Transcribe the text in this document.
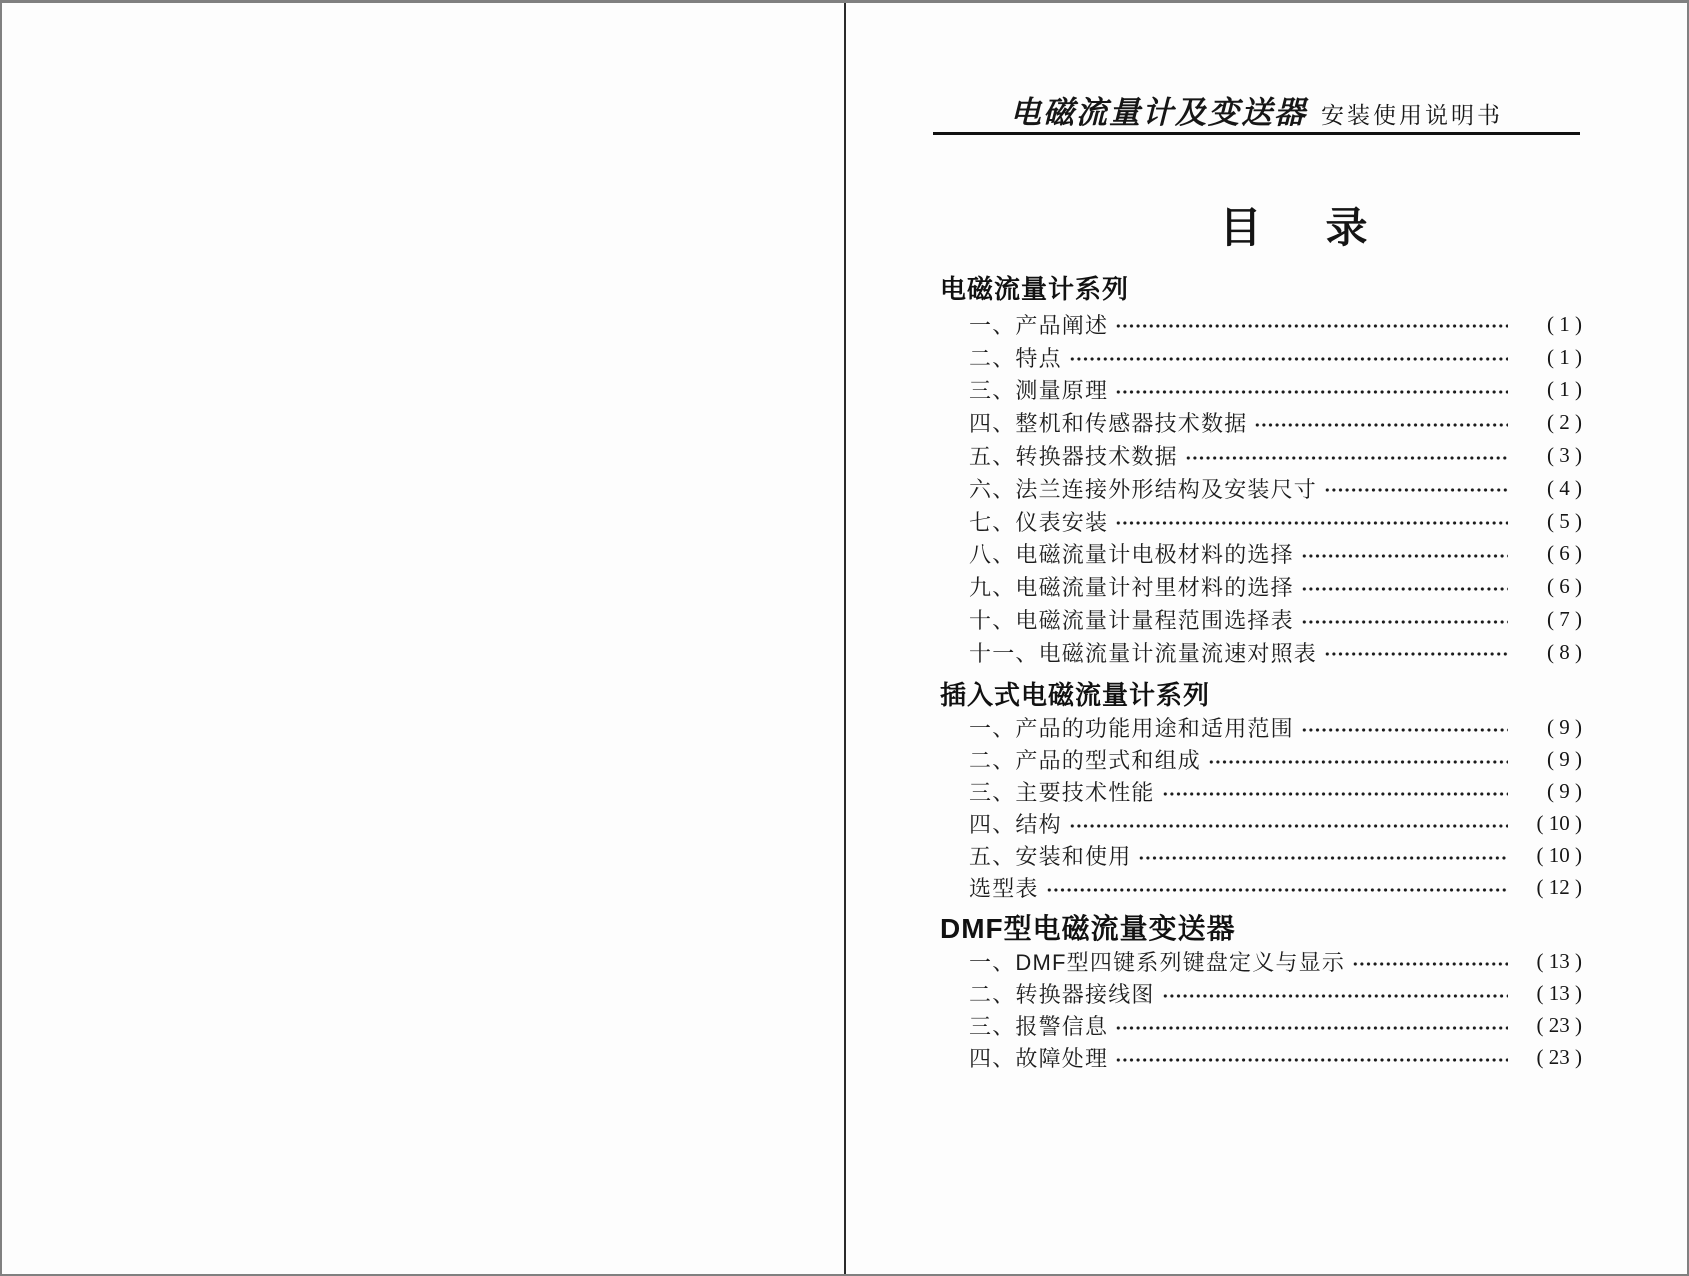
电磁流量计及变送器 安装使用说明书
目 录
电磁流量计系列
一、产品阐述	( 1 )
二、特点	( 1 )
三、测量原理	( 1 )
四、整机和传感器技术数据	( 2 )
五、转换器技术数据	( 3 )
六、法兰连接外形结构及安装尺寸	( 4 )
七、仪表安装	( 5 )
八、电磁流量计电极材料的选择	( 6 )
九、电磁流量计衬里材料的选择	( 6 )
十、电磁流量计量程范围选择表	( 7 )
十一、电磁流量计流量流速对照表	( 8 )
插入式电磁流量计系列
一、产品的功能用途和适用范围	( 9 )
二、产品的型式和组成	( 9 )
三、主要技术性能	( 9 )
四、结构	( 10 )
五、安装和使用	( 10 )
选型表	( 12 )
DMF型电磁流量变送器
一、DMF型四键系列键盘定义与显示	( 13 )
二、转换器接线图	( 13 )
三、报警信息	( 23 )
四、故障处理	( 23 )
